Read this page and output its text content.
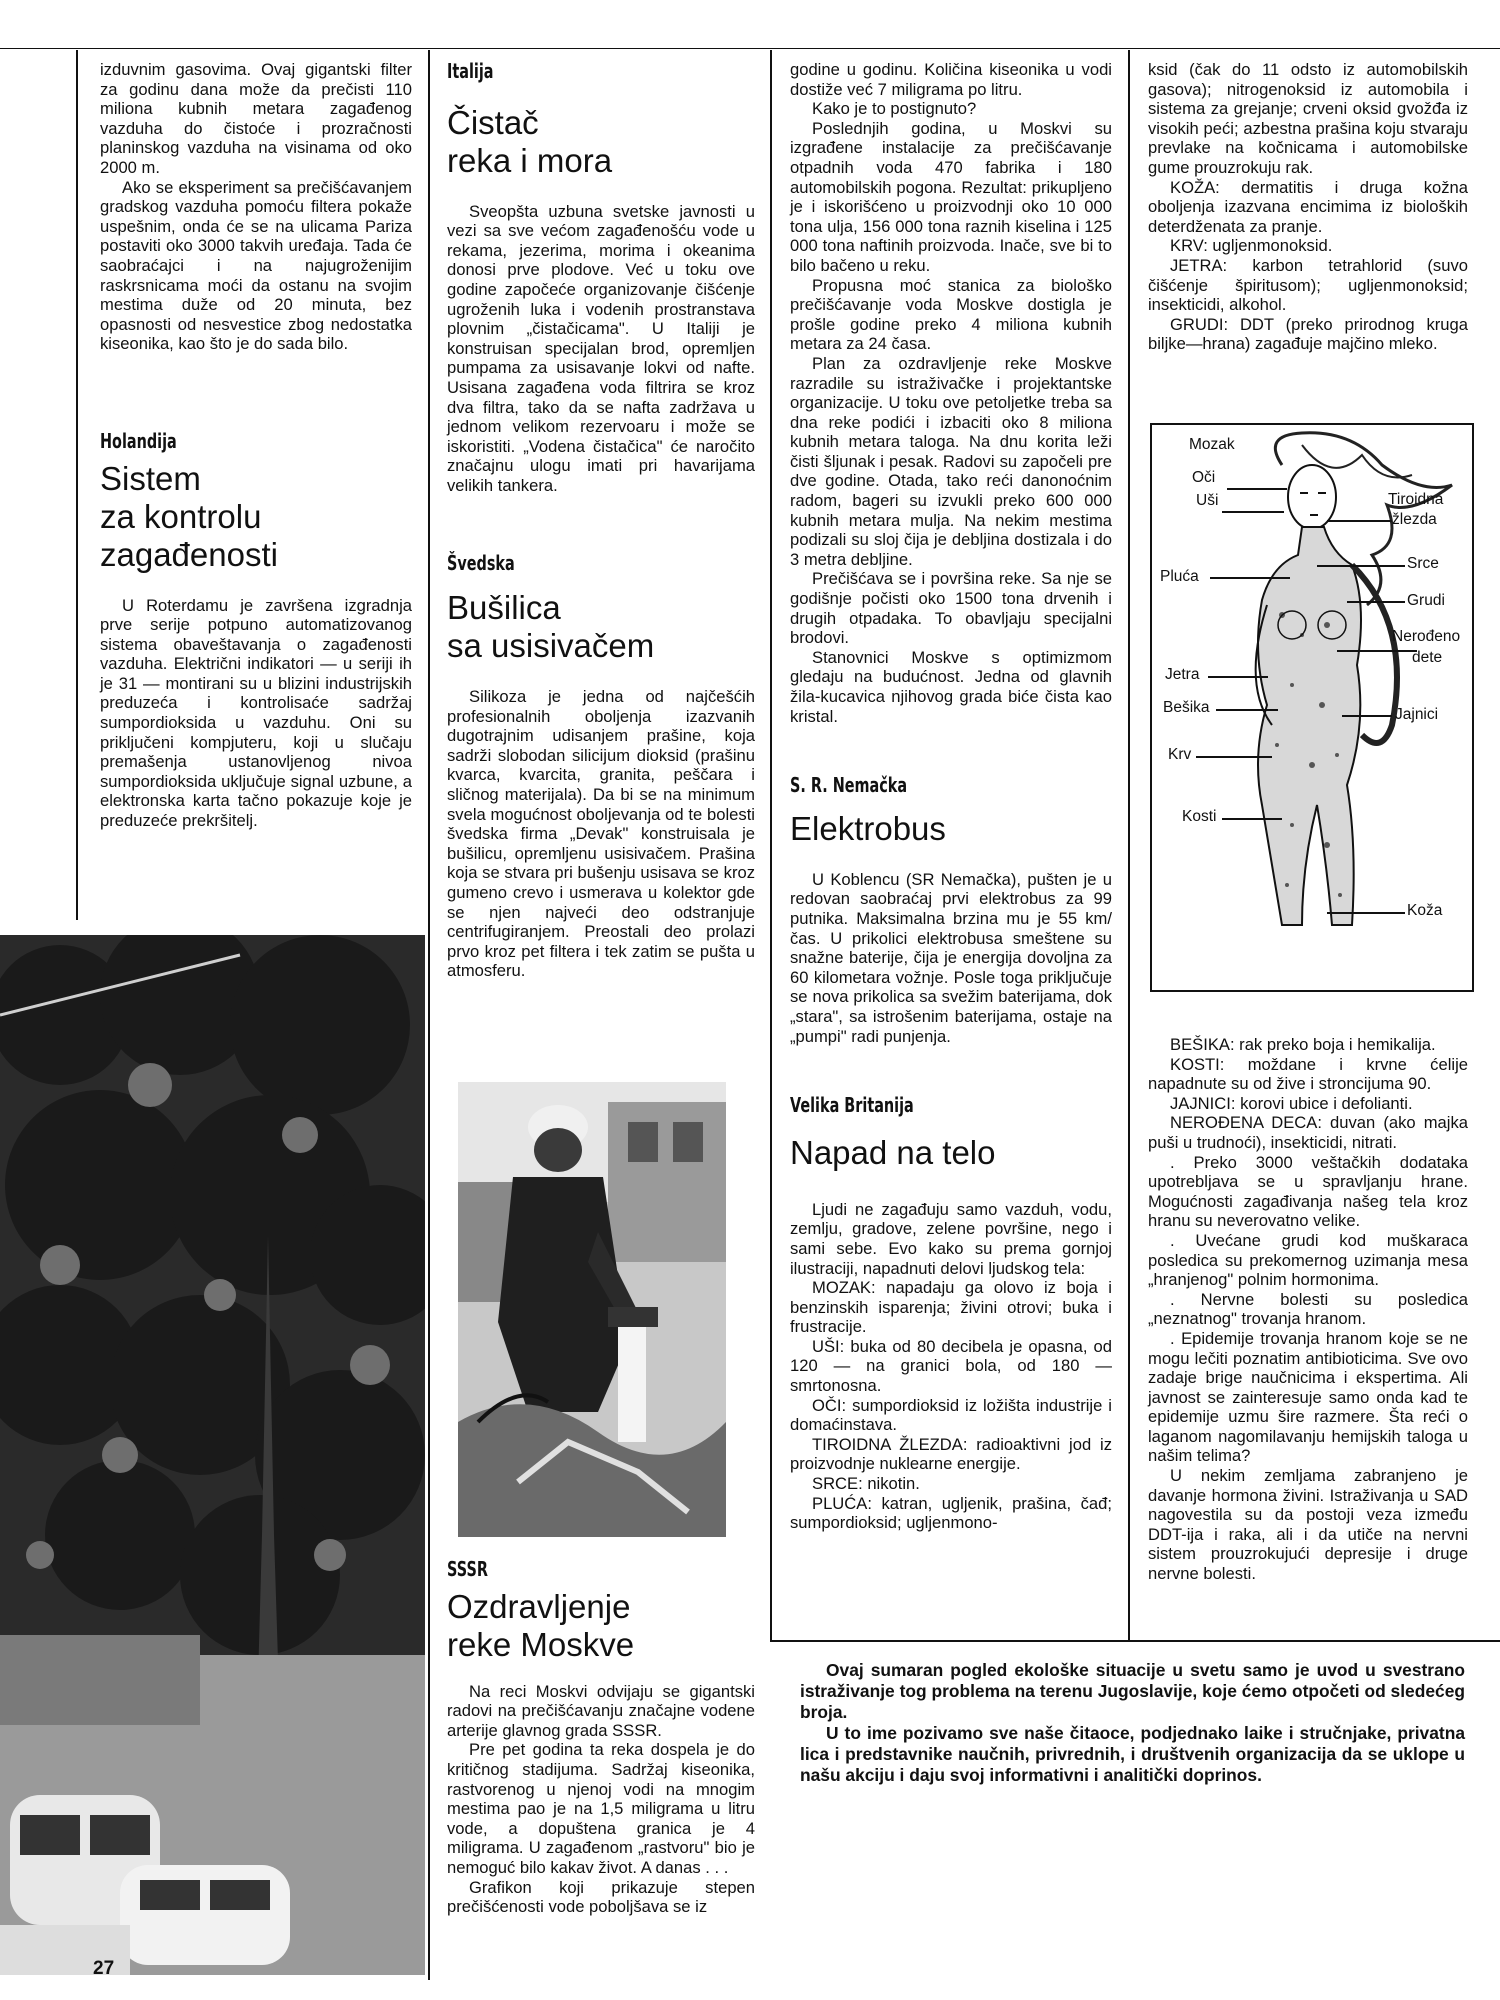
izduvnim gasovima. Ovaj gigantski filter za godinu dana može da prečisti 110 miliona kubnih metara zagađenog vazduha do čistoće i prozračnosti planinskog vazduha na visinama od oko 2000 m.

Ako se eksperiment sa prečišćavanjem gradskog vazduha pomoću filtera pokaže uspešnim, onda će se na ulicama Pariza postaviti oko 3000 takvih uređaja. Tada će saobraćajci i na najugroženijim raskrsnicama moći da ostanu na svojim mestima duže od 20 minuta, bez opasnosti od nesvestice zbog nedostatka kiseonika, kao što je do sada bilo.

Holandija

Sistem
za kontrolu
zagađenosti

U Roterdamu je završena izgradnja prve serije potpuno automatizovanog sistema obaveštavanja o zagađenosti vazduha. Električni indikatori — u seriji ih je 31 — montirani su u blizini industrijskih preduzeća i kontrolisaće sadržaj sumpordioksida u vazduhu. Oni su priključeni kompjuteru, koji u slučaju premašenja ustanovljenog nivoa sumpordioksida uključuje signal uzbune, a elektronska karta tačno pokazuje koje je preduzeće prekršitelj.

27

Italija

Čistač
reka i mora

Sveopšta uzbuna svetske javnosti u vezi sa sve većom zagađenošću vode u rekama, jezerima, morima i okeanima donosi prve plodove. Već u toku ove godine započeće organizovanje čišćenje ugroženih luka i vodenih prostranstava plovnim „čistačicama". U Italiji je konstruisan specijalan brod, opremljen pumpama za usisavanje lokvi od nafte. Usisana zagađena voda filtrira se kroz dva filtra, tako da se nafta zadržava u jednom velikom rezervoaru i može se iskoristiti. „Vodena čistačica" će naročito značajnu ulogu imati pri havarijama velikih tankera.

Švedska

Bušilica
sa usisivačem

Silikoza je jedna od najčešćih profesionalnih oboljenja izazvanih dugotrajnim udisanjem prašine, koja sadrži slobodan silicijum dioksid (prašinu kvarca, kvarcita, granita, peščara i sličnog materijala). Da bi se na minimum svela mogućnost oboljevanja od te bolesti švedska firma „Devak" konstruisala je bušilicu, opremljenu usisivačem. Prašina koja se stvara pri bušenju usisava se kroz gumeno crevo i usmerava u kolektor gde se njen najveći deo odstranjuje centrifugiranjem. Preostali deo prolazi prvo kroz pet filtera i tek zatim se pušta u atmosferu.

SSSR

Ozdravljenje
reke Moskve

Na reci Moskvi odvijaju se gigantski radovi na prečišćavanju značajne vodene arterije glavnog grada SSSR.

Pre pet godina ta reka dospela je do kritičnog stadijuma. Sadržaj kiseonika, rastvorenog u njenoj vodi na mnogim mestima pao je na 1,5 miligrama u litru vode, a dopuštena granica je 4 miligrama. U zagađenom „rastvoru" bio je nemoguć bilo kakav život. A danas . . .

Grafikon koji prikazuje stepen prečišćenosti vode poboljšava se iz

godine u godinu. Količina kiseonika u vodi dostiže već 7 miligrama po litru.

Kako je to postignuto?

Poslednjih godina, u Moskvi su izgrađene instalacije za prečišćavanje otpadnih voda 470 fabrika i 180 automobilskih pogona. Rezultat: prikupljeno je i iskorišćeno u proizvodnji oko 10 000 tona ulja, 156 000 tona raznih kiselina i 125 000 tona naftinih proizvoda. Inače, sve bi to bilo bačeno u reku.

Propusna moć stanica za biološko prečišćavanje voda Moskve dostigla je prošle godine preko 4 miliona kubnih metara za 24 časa.

Plan za ozdravljenje reke Moskve razradile su istraživačke i projektantske organizacije. U toku ove petoljetke treba sa dna reke podići i izbaciti oko 8 miliona kubnih metara taloga. Na dnu korita leži čisti šljunak i pesak. Radovi su započeli pre dve godine. Otada, tako reći danonoćnim radom, bageri su izvukli preko 600 000 kubnih metara mulja. Na nekim mestima podizali su sloj čija je debljina dostizala i do 3 metra debljine.

Prečišćava se i površina reke. Sa nje se godišnje počisti oko 1500 tona drvenih i drugih otpadaka. To obavljaju specijalni brodovi.

Stanovnici Moskve s optimizmom gledaju na budućnost. Jedna od glavnih žila-kucavica njihovog grada biće čista kao kristal.

S. R. Nemačka

Elektrobus

U Koblencu (SR Nemačka), pušten je u redovan saobraćaj prvi elektrobus za 99 putnika. Maksimalna brzina mu je 55 km/čas. U prikolici elektrobusa smeštene su snažne baterije, čija je energija dovoljna za 60 kilometara vožnje. Posle toga priključuje se nova prikolica sa svežim baterijama, dok „stara", sa istrošenim baterijama, ostaje na „pumpi" radi punjenja.

Velika Britanija

Napad na telo

Ljudi ne zagađuju samo vazduh, vodu, zemlju, gradove, zelene površine, nego i sami sebe. Evo kako su prema gornjoj ilustraciji, napadnuti delovi ljudskog tela:

MOZAK: napadaju ga olovo iz boja i benzinskih isparenja; živini otrovi; buka i frustracije.

UŠI: buka od 80 decibela je opasna, od 120 — na granici bola, od 180 — smrtonosna.

OČI: sumpordioksid iz ložišta industrije i domaćinstava.

TIROIDNA ŽLEZDA: radioaktivni jod iz proizvodnje nuklearne energije.

SRCE: nikotin.

PLUĆA: katran, ugljenik, prašina, čađ; sumpordioksid; ugljenmono-

ksid (čak do 11 odsto iz automobilskih gasova); nitrogenoksid iz automobila i sistema za grejanje; crveni oksid gvožđa iz visokih peći; azbestna prašina koju stvaraju prevlake na kočnicama i automobilske gume prouzrokuju rak.

KOŽA: dermatitis i druga kožna oboljenja izazvana encimima iz bioloških deterdženata za pranje.

KRV: ugljenmonoksid.

JETRA: karbon tetrahlorid (suvo čišćenje špiritusom); ugljenmonoksid; insekticidi, alkohol.

GRUDI: DDT (preko prirodnog kruga biljke—hrana) zagađuje majčino mleko.

Mozak
Oči
Uši	Tiroidna
žlezda
Srce
Pluća
Grudi
Nerođeno
dete
Jetra
Bešika	Jajnici
Krv
Kosti
Koža

BEŠIKA: rak preko boja i hemikalija.

KOSTI: moždane i krvne ćelije napadnute su od žive i stroncijuma 90.

JAJNICI: korovi ubice i defolianti.

NEROĐENA DECA: duvan (ako majka puši u trudnoći), insekticidi, nitrati.

. Preko 3000 veštačkih dodataka upotrebljava se u spravljanju hrane. Mogućnosti zagađivanja našeg tela kroz hranu su neverovatno velike.

. Uvećane grudi kod muškaraca posledica su prekomernog uzimanja mesa „hranjenog" polnim hormonima.

. Nervne bolesti su posledica „neznatnog" trovanja hranom.

. Epidemije trovanja hranom koje se ne mogu lečiti poznatim antibioticima. Sve ovo zadaje brige naučnicima i ekspertima. Ali javnost se zainteresuje samo onda kad te epidemije uzmu šire razmere. Šta reći o laganom nagomilavanju hemijskih taloga u našim telima?

U nekim zemljama zabranjeno je davanje hormona živini. Istraživanja u SAD nagovestila su da postoji veza između DDT-ija i raka, ali i da utiče na nervni sistem prouzrokujući depresije i druge nervne bolesti.

Ovaj sumaran pogled ekološke situacije u svetu samo je uvod u svestrano istraživanje tog problema na terenu Jugoslavije, koje ćemo otpočeti od sledećeg broja.

U to ime pozivamo sve naše čitaoce, podjednako laike i stručnjake, privatna lica i predstavnike naučnih, privrednih, i društvenih organizacija da se uklope u našu akciju i daju svoj informativni i analitički doprinos.
